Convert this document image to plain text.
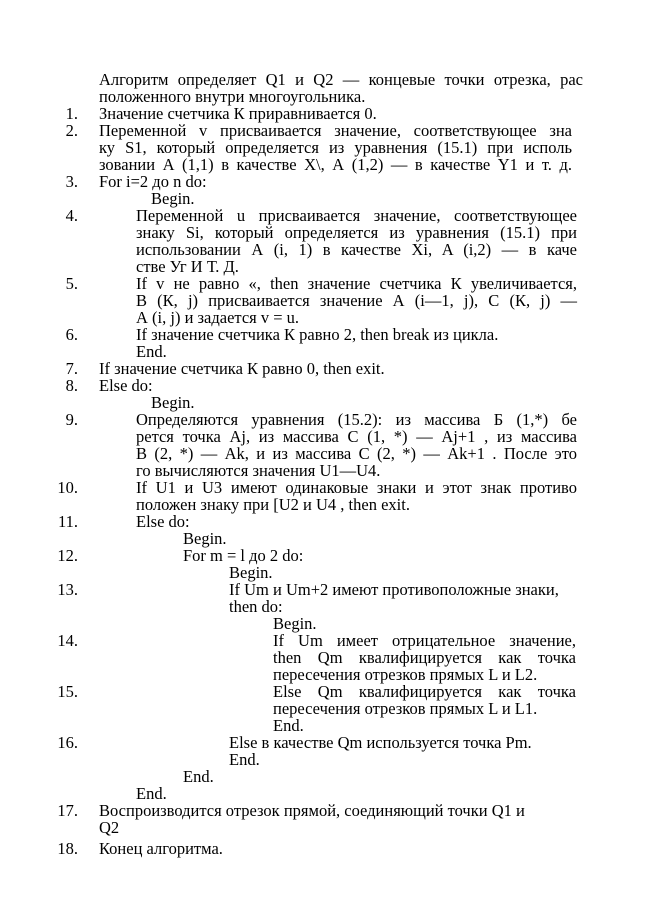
Алгоритм определяет Q1 и Q2 — концевые точки отрезка, рас
положенного внутри многоугольника.
1. Значение счетчика К приравнивается 0.
2. Переменной v присваивается значение, соответствующее зна
ку S1, который определяется из уравнения (15.1) при исполь
зовании А (1,1) в качестве X\, А (1,2) — в качестве Y1 и т. д.
3. For i=2 до n do:
Begin.
4.	Переменной u присваивается значение, соответствующее
знаку Si, который определяется из уравнения (15.1) при
использовании А (i, 1) в качестве Xi, A (i,2) — в каче
стве Уг И Т. Д.
5.	If v не равно «, then значение счетчика К увеличивается,
В (К, j) присваивается значение А (i—1, j), С (К, j) —
А (i, j) и задается v = u.
6.	If значение счетчика К равно 2, then break из цикла.
End.
7. If значение счетчика К равно 0, then exit.
8. Else do:
Begin.
9.	Определяются уравнения (15.2): из массива Б (1,*) бе
рется точка Aj, из массива С (1, *) — Aj+1 , из массива
В (2, *) — Ak, и из массива С (2, *) — Ak+1 . После это
го вычисляются значения U1—U4.
10.	If U1 и U3 имеют одинаковые знаки и этот знак противо
положен знаку при [U2 и U4 , then exit.
11.	Else do:
Begin.
12.	For m = l до 2 do:
Begin.
13.	If Um и Um+2 имеют противоположные знаки,
then do:
Begin.
14.	If Um имеет отрицательное значение,
then Qm квалифицируется как точка
пересечения отрезков прямых L и L2.
15.	Else Qm квалифицируется как точка
пересечения отрезков прямых L и L1.
End.
16.	Else в качестве Qm используется точка Pm.
End.
End.
End.
17. Воспроизводится отрезок прямой, соединяющий точки Q1 и
Q2
18. Конец алгоритма.
